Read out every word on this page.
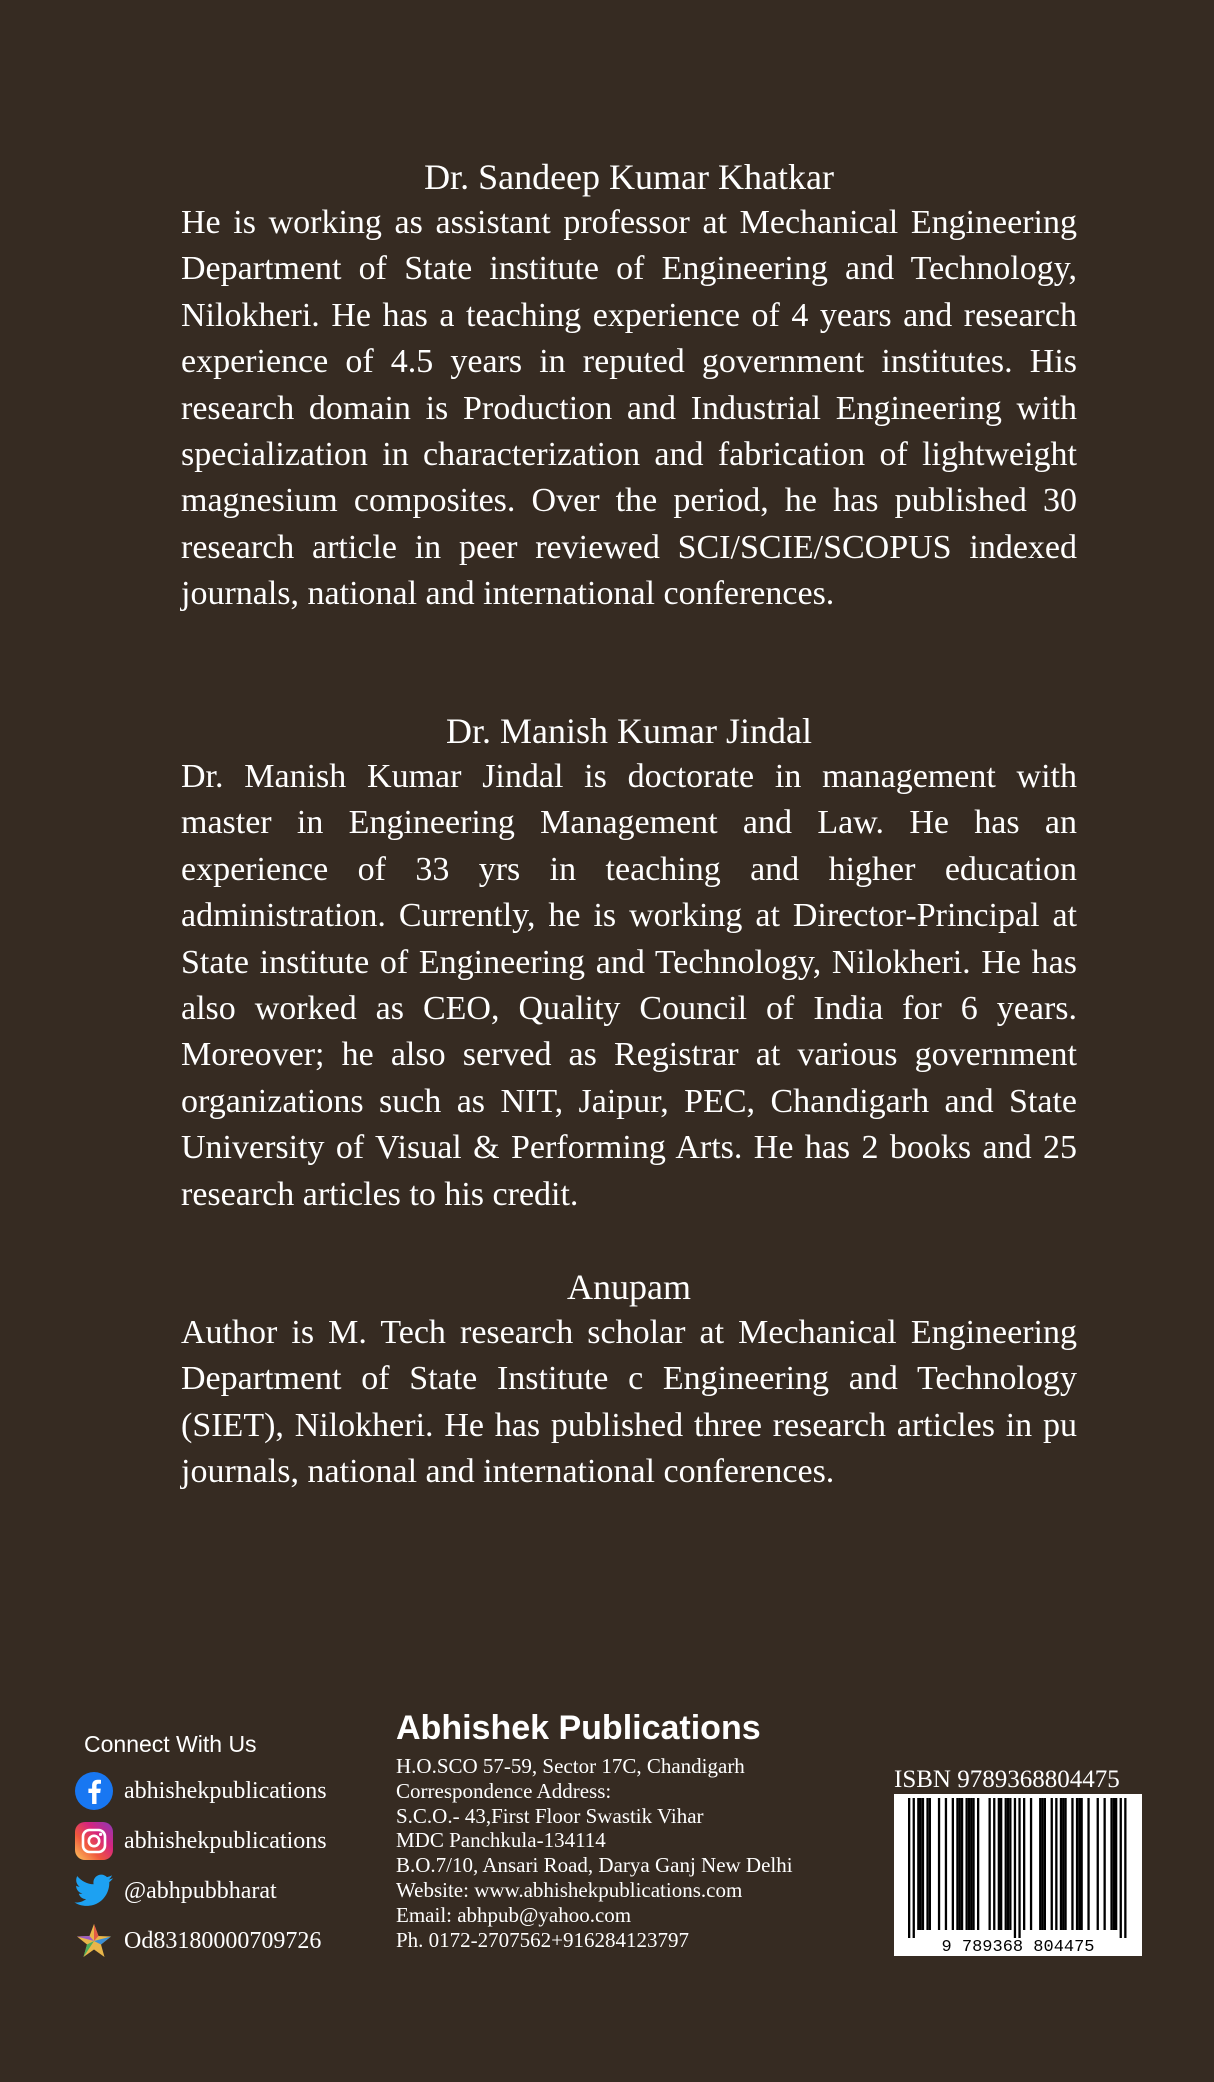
Dr. Sandeep Kumar Khatkar

He is working as assistant professor at Mechanical Engineering Department of State institute of Engineering and Technology, Nilokheri. He has a teaching experience of 4 years and research experience of 4.5 years in reputed government institutes. His research domain is Production and Industrial Engineering with specialization in characterization and fabrication of lightweight magnesium composites. Over the period, he has published 30 research article in peer reviewed SCI/SCIE/SCOPUS indexed journals, national and international conferences.

Dr. Manish Kumar Jindal

Dr. Manish Kumar Jindal is doctorate in management with master in Engineering Management and Law. He has an experience of 33 yrs in teaching and higher education administration. Currently, he is working at Director-Principal at State institute of Engineering and Technology, Nilokheri. He has also worked as CEO, Quality Council of India for 6 years. Moreover; he also served as Registrar at various government organizations such as NIT, Jaipur, PEC, Chandigarh and State University of Visual & Performing Arts. He has 2 books and 25 research articles to his credit.

Anupam

Author is M. Tech research scholar at Mechanical Engineering Department of State Institute c Engineering and Technology (SIET), Nilokheri. He has published three research articles in pu journals, national and international conferences.

Connect With Us

abhishekpublications
abhishekpublications
@abhpubbharat
Od83180000709726

Abhishek Publications

H.O.SCO 57-59, Sector 17C, Chandigarh

Correspondence Address:

S.C.O.- 43,First Floor Swastik Vihar

MDC Panchkula-134114

B.O.7/10, Ansari Road, Darya Ganj New Delhi

Website: www.abhishekpublications.com

Email: abhpub@yahoo.com

Ph. 0172-2707562+916284123797

ISBN 9789368804475
9 789368 804475
